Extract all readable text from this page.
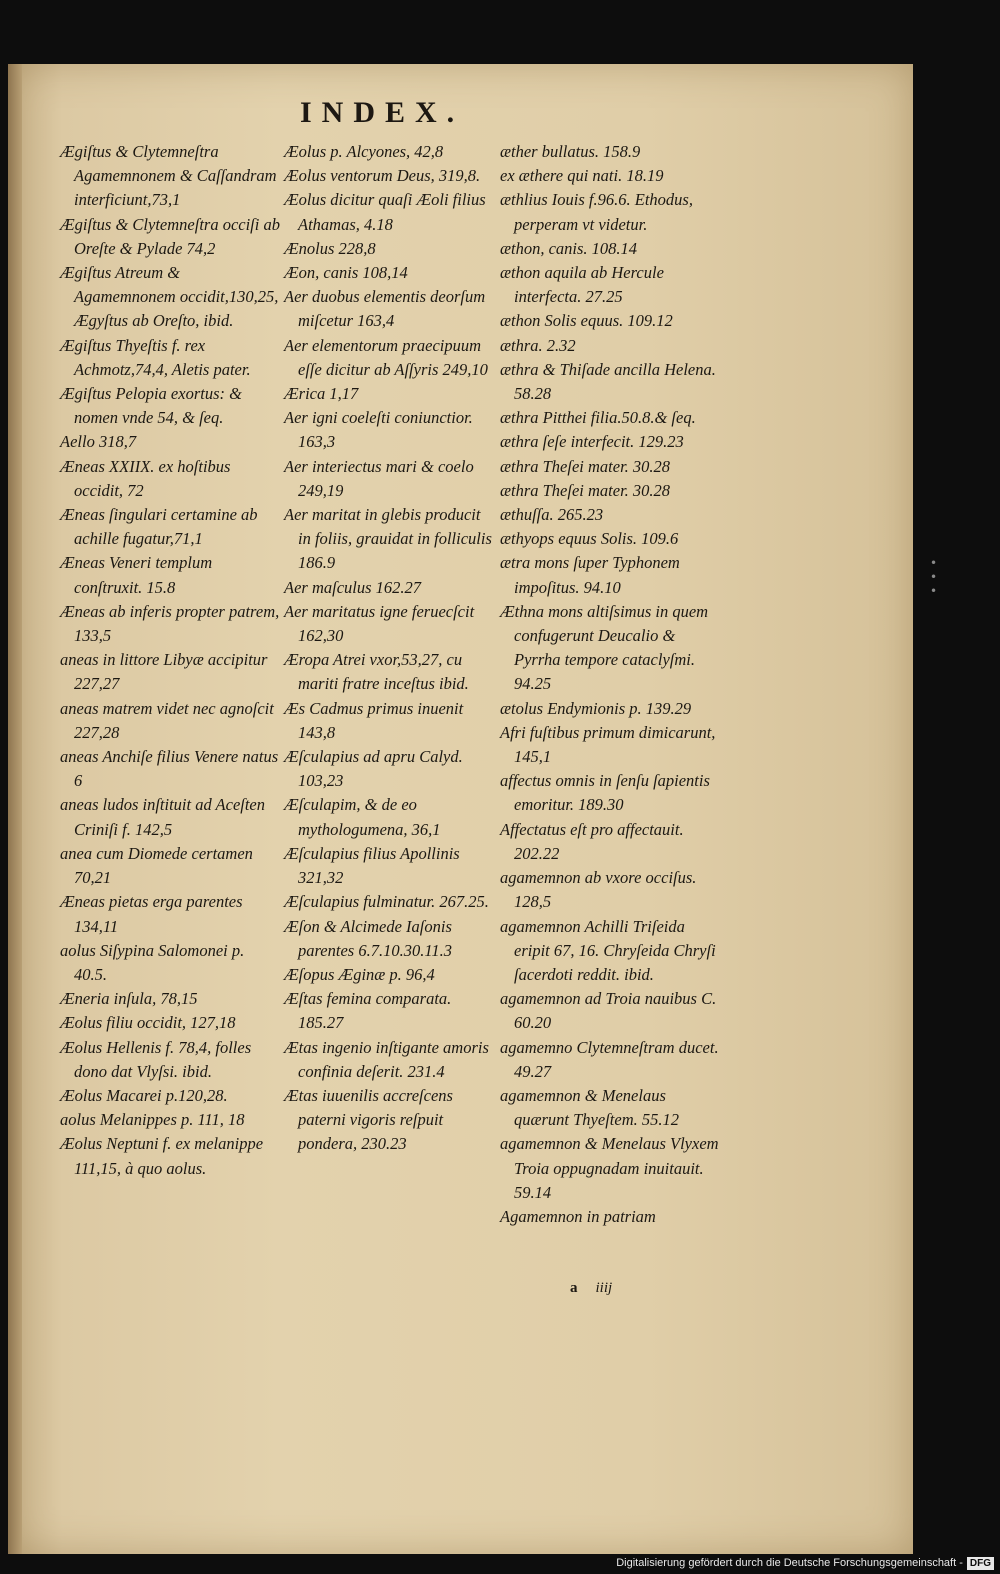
INDEX.

Ægiſtus & Clytemneſtra Agamemnonem & Caſſandram interficiunt,73,1

Ægiſtus & Clytemneſtra occiſi ab Oreſte & Pylade 74,2

Ægiſtus Atreum & Agamemnonem occidit,130,25, Ægyſtus ab Oreſto, ibid.

Ægiſtus Thyeſtis f. rex Achmotz,74,4, Aletis pater.

Ægiſtus Pelopia exortus: & nomen vnde 54, & ſeq.

Aello 318,7

Æneas XXIIX. ex hoſtibus occidit, 72

Æneas ſingulari certamine ab achille fugatur,71,1

Æneas Veneri templum conſtruxit. 15.8

Æneas ab inferis propter patrem, 133,5

aneas in littore Libyæ accipitur 227,27

aneas matrem videt nec agnoſcit 227,28

aneas Anchiſe filius Venere natus 6

aneas ludos inſtituit ad Aceſten Criniſi f. 142,5

anea cum Diomede certamen 70,21

Æneas pietas erga parentes 134,11

aolus Siſypina Salomonei p. 40.5.

Æneria inſula, 78,15

Æolus filiu occidit, 127,18

Æolus Hellenis f. 78,4, folles dono dat Vlyſsi. ibid.

Æolus Macarei p.120,28.

aolus Melanippes p. 111, 18

Æolus Neptuni f. ex melanippe 111,15, à quo aolus.

Æolus p. Alcyones, 42,8

Æolus ventorum Deus, 319,8.

Æolus dicitur quaſi Æoli filius Athamas, 4.18

Ænolus 228,8

Æon, canis 108,14

Aer duobus elementis deorſum miſcetur 163,4

Aer elementorum praecipuum eſſe dicitur ab Aſſyris 249,10

Ærica 1,17

Aer igni coeleſti coniunctior. 163,3

Aer interiectus mari & coelo 249,19

Aer maritat in glebis producit in foliis, grauidat in folliculis 186.9

Aer maſculus 162.27

Aer maritatus igne feruecſcit 162,30

Æropa Atrei vxor,53,27, cu mariti fratre inceſtus ibid.

Æs Cadmus primus inuenit 143,8

Æſculapius ad apru Calyd. 103,23

Æſculapim, & de eo mythologumena, 36,1

Æſculapius filius Apollinis 321,32

Æſculapius fulminatur. 267.25.

Æſon & Alcimede Iaſonis parentes 6.7.10.30.11.3

Æſopus Æginæ p. 96,4

Æſtas femina comparata. 185.27

Ætas ingenio inſtigante amoris confinia deſerit. 231.4

Ætas iuuenilis accreſcens paterni vigoris reſpuit pondera, 230.23

æther bullatus. 158.9

ex æthere qui nati. 18.19

æthlius Iouis f.96.6. Ethodus, perperam vt videtur.

æthon, canis. 108.14

æthon aquila ab Hercule interfecta. 27.25

æthon Solis equus. 109.12

æthra. 2.32

æthra & Thiſade ancilla Helena. 58.28

æthra Pitthei filia.50.8.& ſeq.

æthra ſeſe interfecit. 129.23

æthra Theſei mater. 30.28

æthra Theſei mater. 30.28

æthuſſa. 265.23

æthyops equus Solis. 109.6

ætra mons ſuper Typhonem impoſitus. 94.10

Æthna mons altiſsimus in quem confugerunt Deucalio & Pyrrha tempore cataclyſmi. 94.25

ætolus Endymionis p. 139.29

Afri fuſtibus primum dimicarunt, 145,1

affectus omnis in ſenſu ſapientis emoritur. 189.30

Affectatus eſt pro affectauit. 202.22

agamemnon ab vxore occiſus. 128,5

agamemnon Achilli Triſeida eripit 67, 16. Chryſeida Chryſi ſacerdoti reddit. ibid.

agamemnon ad Troia nauibus C. 60.20

agamemno Clytemneſtram ducet. 49.27

agamemnon & Menelaus quærunt Thyeſtem. 55.12

agamemnon & Menelaus Vlyxem Troia oppugnadam inuitauit. 59.14

Agamemnon in patriam

a iiij
• • •
Digitalisierung gefördert durch die Deutsche Forschungsgemeinschaft - DFG
